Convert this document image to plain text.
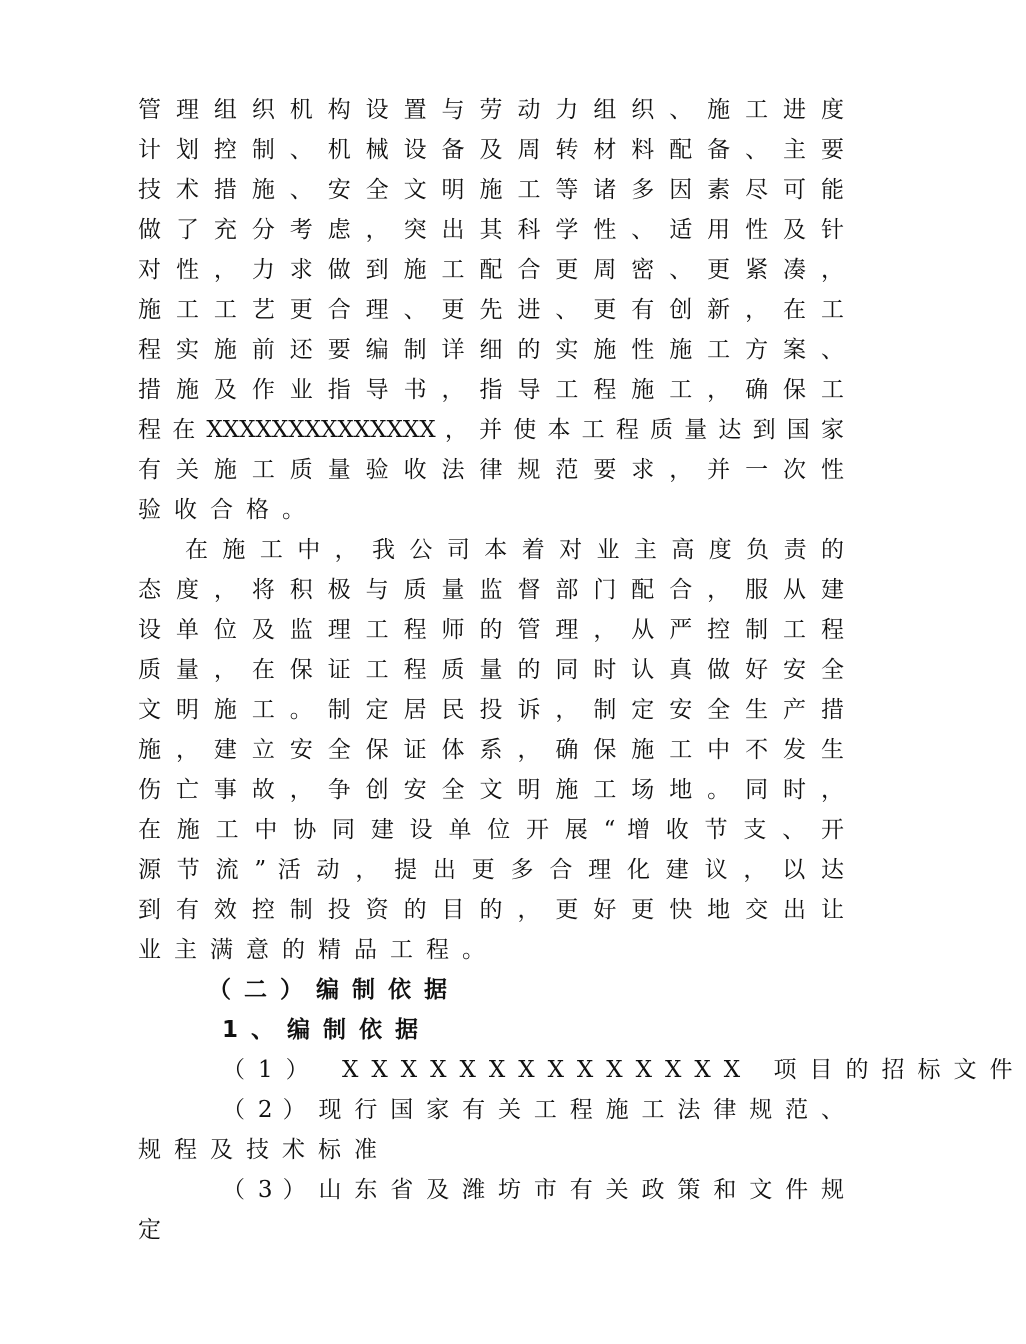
管 理 组 织 机 构 设 置 与 劳 动 力 组 织 、 施 工 进 度
计 划 控 制 、 机 械 设 备 及 周 转 材 料 配 备 、 主 要
技 术 措 施 、 安 全 文 明 施 工 等 诸 多 因 素 尽 可 能
做 了 充 分 考 虑 ， 突 出 其 科 学 性 、 适 用 性 及 针
对 性 ， 力 求 做 到 施 工 配 合 更 周 密 、 更 紧 凑 ，
施 工 工 艺 更 合 理 、 更 先 进 、 更 有 创 新 ， 在 工
程 实 施 前 还 要 编 制 详 细 的 实 施 性 施 工 方 案 、
措 施 及 作 业 指 导 书 ， 指 导 工 程 施 工 ， 确 保 工
程 在 XXXXXXXXXXXXXX ， 并 使 本 工 程 质 量 达 到 国 家
有 关 施 工 质 量 验 收 法 律 规 范 要 求 ， 并 一 次 性
验收合格。
在 施 工 中 ， 我 公 司 本 着 对 业 主 高 度 负 责 的
态 度 ， 将 积 极 与 质 量 监 督 部 门 配 合 ， 服 从 建
设 单 位 及 监 理 工 程 师 的 管 理 ， 从 严 控 制 工 程
质 量 ， 在 保 证 工 程 质 量 的 同 时 认 真 做 好 安 全
文 明 施 工 。 制 定 居 民 投 诉 ， 制 定 安 全 生 产 措
施 ， 建 立 安 全 保 证 体 系 ， 确 保 施 工 中 不 发 生
伤 亡 事 故 ， 争 创 安 全 文 明 施 工 场 地 。 同 时 ，
在 施 工 中 协 同 建 设 单 位 开 展 “ 增 收 节 支 、 开
源 节 流 ” 活 动 ， 提 出 更 多 合 理 化 建 议 ， 以 达
到 有 效 控 制 投 资 的 目 的 ， 更 好 更 快 地 交 出 让
业主满意的精品工程。
（二）编制依据
1、编制依据
（1） XXXXXXXXXXXXXX 项目的招标文件
（ 2 ） 现 行 国 家 有 关 工 程 施 工 法 律 规 范 、
规程及技术标准
（ 3 ） 山 东 省 及 潍 坊 市 有 关 政 策 和 文 件 规
定
